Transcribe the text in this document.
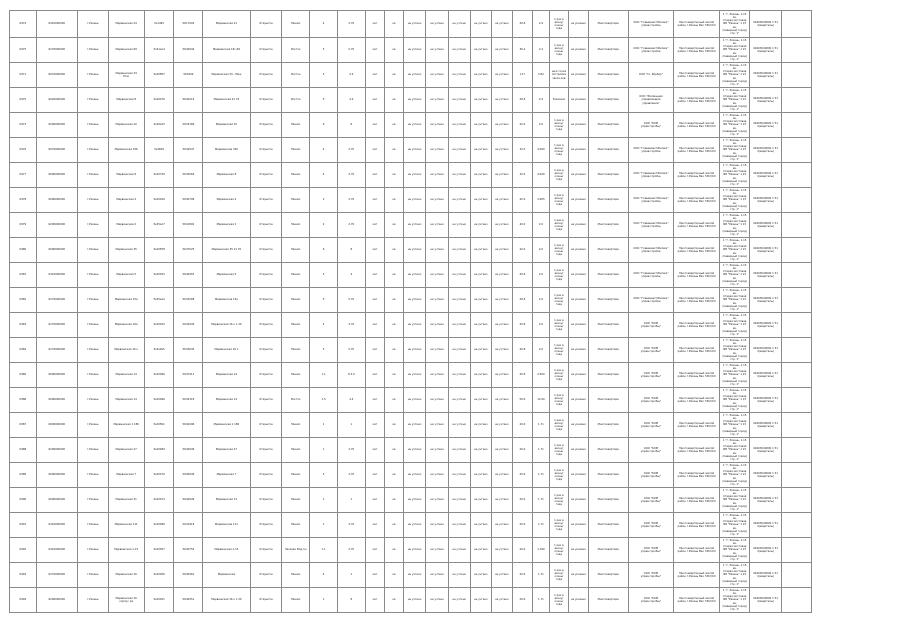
0974	6410000000	г.Рязань	Мервишская 24	Зк1465	5К17002	Мервишская 21	Открытое	Мнемо	4	2.70	кат	кв	не учтено	не учтено	не учтено	не учтено	не учтено	40.8	2.9	1 раз в
весну/осень/
года	не указано	Многоквартирн	ООО "ГлавинвестЖилаж"
управ.горобщ	Многоквартирный жилой
район г.Рязань Вах ГЖХ/СО	1 "г. Рязань, 1-15 кв.
Старая мостовая
NB "Рязань" 1 15 кв.
(Северный город)
стр. 1"	40403040000 1 51
4(кварталы)	
0975	6270000000	г.Рязань	Мервишская 69	Зк41ev4	5К40944	Мервишская 16г-69	Открытое	Восток	5	5.70	кат	кв	не учтено	не учтено	не учтено	не учтено	не учтено	36.4	2.4	1 раз в
весну/осень/
года	не указано	Многоквартирн	ООО "ГлавинвестЖилаж"
управ.горобщ	Многоквартирный жилой
район г.Рязань Вах ГЖХ/СО	1 "г. Рязань, 1-15 кв.
Старая мостовая
NB "Рязань" 1 15 кв.
(Северный город)
стр. 1"	40403040000 1 51
4(кварталы)	
0971	6070000000	г.Рязань	Мервишская 34
бтас	Зк40857	5К4209	Мервишская 34 - Меж	Открытое	Восток	5	4.4	кат	кв	не учтено	не учтено	не учтено	не учтено	не учтено	117	3.82	ниж.точка
постройка
заказ.лов	не указано	Многоквартирн	ООО "Гк. Ворбор"	Многоквартирный жилой
район г.Рязань Вах ГЖХ/СО	1 "г. Рязань, 1-15 кв.
Старая мостовая
NB "Рязань" 1 15 кв.
(Северный город)
стр. 1"	40403040000 1 51
4(кварталы)	
0975	6020000000	г.Рязань	Мервишская 8	Зк46476	5К42219	Мервишская 21 33	Открытое	Восток	5	4.4	кат	кв	не учтено	не учтено	не учтено	не учтено	не учтено	40.8	2.9	Заказано	не указано	Многоквартирн	ООО "Жилищная
управляющая
управление"	Многоквартирный жилой
район г.Рязань Вах ГЖХ/СО	1 "г. Рязань, 1-15 кв.
Старая мостовая
NB "Рязань" 1 15 кв.
(Северный город)
стр. 1"	40403040000 1 51
4(кварталы)	
0973	6290000000	г.Рязань	Мервишская 22	Зк40s43	5К43166	Мервишская 32	Открытое	Мнемо	6	8	кат	кв	не учтено	не учтено	не учтено	не учтено	не учтено	42.0	2.6	1 раз в
весну/осень/
года	не указано	Многоквартирн	ООО "КОМ
управ.горобщ"	Многоквартирный жилой
район г.Рязань Вах ГЖХ/СО	1 "г. Рязань, 1-15 кв.
Старая мостовая
NB "Рязань" 1 15 кв.
(Северный город)
стр. 1"	40403040000 1 51
4(кварталы)	
0976	6070000000	г.Рязань	Мервишская 326	Зк4609	5К42947	Мервишская 326	Открытое	Мнемо	4	2.70	кат	кв	не учтено	не учтено	не учтено	не учтено	не учтено	32.0	4.000	1 раз в
весну/осень/
года	не указано	Многоквартирн	ООО "ГлавинвестЖилаж"
управ.горобщ	Многоквартирный жилой
район г.Рязань Вах ГЖХ/СО	1 "г. Рязань, 1-15 кв.
Старая мостовая
NB "Рязань" 1 15 кв.
(Северный город)
стр. 1"	40403040000 1 51
4(кварталы)	
0977	6090000000	г.Рязань	Мервишская 8	Зк40720	5К43064	Мервишская 8	Открытое	Мнемо	4	2.70	кат	кв	не учтено	не учтено	не учтено	не учтено	не учтено	32.0	4.000	1 раз в
весну/осень/
года	не указано	Многоквартирн	ООО "ГлавинвестЖилаж"
управ.горобщ	Многоквартирный жилой
район г.Рязань Вах ГЖХ/СО	1 "г. Рязань, 1-15 кв.
Старая мостовая
NB "Рязань" 1 15 кв.
(Северный город)
стр. 1"	40403040000 1 51
4(кварталы)	
0978	6090000000	г.Рязань	Мервишская 4	Зк40449	5К40708	Мервишская 4	Открытое	Мнемо	2	2.70	кат	кв	не учтено	не учтено	не учтено	не учтено	не учтено	42.0	2.965	1 раз в
весну/осень/
года	не указано	Многоквартирн	ООО "ГлавинвестЖилаж"
управ.горобщ	Многоквартирный жилой
район г.Рязань Вах ГЖХ/СО	1 "г. Рязань, 1-15 кв.
Старая мостовая
NB "Рязань" 1 15 кв.
(Северный город)
стр. 1"	40403040000 1 51
4(кварталы)	
0979	6290000000	г.Рязань	Мервишская 2	Зк45e17	5К41802	Мервишская 2	Открытое	Мнемо	2	2.70	кат	кв	не учтено	не учтено	не учтено	не учтено	не учтено	40.0	2.6	1 раз в
весну/осень/
года	не указано	Многоквартирн	ООО "ГлавинвестЖилаж"
управ.горобщ	Многоквартирный жилой
район г.Рязань Вах ГЖХ/СО	1 "г. Рязань, 1-15 кв.
Старая мостовая
NB "Рязань" 1 15 кв.
(Северный город)
стр. 1"	40403040000 1 51
4(кварталы)	
0980	6090000000	г.Рязань	Мервишская 35	Зк40878	5К47025	Мервишская 35 21 70	Открытое	Мнемо	6	8	кат	кв	не учтено	не учтено	не учтено	не учтено	не учтено	42.0	2.6	1 раз в
весну/осень/
года	не указано	Многоквартирн	ООО "ГлавинвестЖилаж"
управ.горобщ	Многоквартирный жилой
район г.Рязань Вах ГЖХ/СО	1 "г. Рязань, 1-15 кв.
Старая мостовая
NB "Рязань" 1 15 кв.
(Северный город)
стр. 1"	40403040000 1 51
4(кварталы)	
0981	6410000000	г.Рязань	Мервишская 5	Зк40453	5К40453	Мервишская 5	Открытое	Мнемо	5	4	кат	кв	не учтено	не учтено	не учтено	не учтено	не учтено	40.8	2.6	1 раз в
весну/осень/
года	не указано	Многоквартирн	ООО "ГлавинвестЖилаж"
управ.горобщ	Многоквартирный жилой
район г.Рязань Вах ГЖХ/СО	1 "г. Рязань, 1-15 кв.
Старая мостовая
NB "Рязань" 1 15 кв.
(Северный город)
стр. 1"	40403040000 1 51
4(кварталы)	
0982	6270000000	г.Рязань	Мервишская 15а	Зк45e1a	5К43268	Мервишская 15а	Открытое	Мнемо	5	5.70	кат	кв	не учтено	не учтено	не учтено	не учтено	не учтено	40.8	2.6	1 раз в
весну/осень/
года	не указано	Многоквартирн	ООО "ГлавинвестЖилаж"
управ.горобщ	Многоквартирный жилой
район г.Рязань Вах ГЖХ/СО	1 "г. Рязань, 1-15 кв.
Старая мостовая
NB "Рязань" 1 15 кв.
(Северный город)
стр. 1"	40403040000 1 51
4(кварталы)	
0983	6270000000	г.Рязань	Мервишская 16а	Зк40443	5К42943	Мервишская 16 к 1 20	Открытое	Мнемо	4	4.70	кат	кв	не учтено	не учтено	не учтено	не учтено	не учтено	40.8	2.6	1 раз в
весну/осень/
года	не указано	Многоквартирн	ООО "КОМ
управ.горобщ"	Многоквартирный жилой
район г.Рязань Вах ГЖХ/СО	1 "г. Рязань, 1-15 кв.
Старая мостовая
NB "Рязань" 1 15 кв.
(Северный город)
стр. 1"	40403040000 1 51
4(кварталы)	
0984	6270000000	г.Рязань	Мервишская 16 к	Зк4s0e5	5К43045	Мервишская 16 к	Открытое	Мнемо	5	5.70	кат	кв	не учтено	не учтено	не учтено	не учтено	не учтено	40.8	2.6	1 раз в
весну/осень/
года	не указано	Многоквартирн	ООО "КОМ
управ.горобщ"	Многоквартирный жилой
район г.Рязань Вах ГЖХ/СО	1 "г. Рязань, 1-15 кв.
Старая мостовая
NB "Рязань" 1 15 кв.
(Северный город)
стр. 1"	40403040000 1 51
4(кварталы)	
0985	6090000000	г.Рязань	Мервишская 14	Зк40496	5К47411	Мервишская 14	Открытое	Мнемо	1.1	8.3.0	кат	кв	не учтено	не учтено	не учтено	не учтено	не учтено	40.8	2.900	1 раз в
весну/осень/
года	не указано	Многоквартирн	ООО "КОМ
управ.горобщ"	Многоквартирный жилой
район г.Рязань Вах ГЖХ/СО	1 "г. Рязань, 1-15 кв.
Старая мостовая
NB "Рязань" 1 15 кв.
(Северный город)
стр. 1"	40403040000 1 51
4(кварталы)	
0986	6090000000	г.Рязань	Мервишская 14	Зк40496	5К42318	Мервишская 14	Открытое	Восток	1.5	4.4	кат	кв	не учтено	не учтено	не учтено	не учтено	не учтено	50.0	12.60	1 раз в
весну/осень/
года	не указано	Многоквартирн	ООО "КОМ
управ.горобщ"	Многоквартирный жилой
район г.Рязань Вах ГЖХ/СО	1 "г. Рязань, 1-15 кв.
Старая мостовая
NB "Рязань" 1 15 кв.
(Северный город)
стр. 1"	40403040000 1 51
4(кварталы)	
0987	6090000000	г.Рязань	Мервишская 1 186	Зк40561	5К40496	Мервишская 1 186	Открытое	Мнемо	1	1	кат	кв	не учтено	не учтено	не учтено	не учтено	не учтено	20.0	1.71	1 раз в
весну/осень/
года	не указано	Многоквартирн	ООО "КОМ
управ.горобщ"	Многоквартирный жилой
район г.Рязань Вах ГЖХ/СО	1 "г. Рязань, 1-15 кв.
Старая мостовая
NB "Рязань" 1 15 кв.
(Северный город)
стр. 1"	40403040000 1 51
4(кварталы)	
0988	6290000000	г.Рязань	Мервишская 27	Зк40484	5К40949	Мервишская 27	Открытое	Мнемо	1	2.70	кат	кв	не учтено	не учтено	не учтено	не учтено	не учтено	20.0	1.71	1 раз в
весну/осень/
года	не указано	Многоквартирн	ООО "КОМ
управ.горобщ"	Многоквартирный жилой
район г.Рязань Вах ГЖХ/СО	1 "г. Рязань, 1-15 кв.
Старая мостовая
NB "Рязань" 1 15 кв.
(Северный город)
стр. 1"	40403040000 1 51
4(кварталы)	
0989	6090000000	г.Рязань	Мервишская 7	Зк40470	5К40949	Мервишская 7	Открытое	Мнемо	5	2.70	кат	кв	не учтено	не учтено	не учтено	не учтено	не учтено	20.0	1.71	1 раз в
весну/осень/
года	не указано	Многоквартирн	ООО "КОМ
управ.горобщ"	Многоквартирный жилой
район г.Рязань Вах ГЖХ/СО	1 "г. Рязань, 1-15 кв.
Старая мостовая
NB "Рязань" 1 15 кв.
(Северный город)
стр. 1"	40403040000 1 51
4(кварталы)	
0990	6090000000	г.Рязань	Мервишская 31	Зк40413	5К40949	Мервишская 31	Открытое	Мнемо	1	1	кат	кв	не учтено	не учтено	не учтено	не учтено	не учтено	20.0	1.71	1 раз в
весну/осень/
года	не указано	Многоквартирн	ООО "КОМ
управ.горобщ"	Многоквартирный жилой
район г.Рязань Вах ГЖХ/СО	1 "г. Рязань, 1-15 кв.
Старая мостовая
NB "Рязань" 1 15 кв.
(Северный город)
стр. 1"	40403040000 1 51
4(кварталы)	
0991	6410000000	г.Рязань	Мервишская 111	Зк40480	5К41918	Мервишская 111	Открытое	Мнемо	1	2.70	кат	кв	не учтено	не учтено	не учтено	не учтено	не учтено	20.0	1.71	1 раз в
весну/осень/
года	не указано	Многоквартирн	ООО "КОМ
управ.горобщ"	Многоквартирный жилой
район г.Рязань Вах ГЖХ/СО	1 "г. Рязань, 1-15 кв.
Старая мостовая
NB "Рязань" 1 15 кв.
(Северный город)
стр. 1"	40403040000 1 51
4(кварталы)	
0992	6410000000	г.Рязань	Мервишская 1-15	Зк40457	5К40752	Мервишская 1-15	Открытое	Заказан Вод-ты	1.1	2.70	кат	кв	не учтено	не учтено	не учтено	не учтено	не учтено	20.0	1.160	1 раз в
весну/осень/
года	не указано	Многоквартирн	ООО "КОМ
управ.горобщ"	Многоквартирный жилой
район г.Рязань Вах ГЖХ/СО	1 "г. Рязань, 1-15 кв.
Старая мостовая
NB "Рязань" 1 15 кв.
(Северный город)
стр. 1"	40403040000 1 51
4(кварталы)	
0993	6270000000	г.Рязань	Мервишская 16	Зк40456	5К40461	Мервишская	Открытое	Мнемо	4	1	кат	кв	не учтено	не учтено	не учтено	не учтено	не учтено	20.0	1.71	1 раз в
весну/осень/
года	не указано	Многоквартирн	ООО "КОМ
управ.горобщ"	Многоквартирный жилой
район г.Рязань Вах ГЖХ/СО	1 "г. Рязань, 1-15 кв.
Старая мостовая
NB "Рязань" 1 15 кв.
(Северный город)
стр. 1"	40403040000 1 51
4(кварталы)	
0994	6290000000	г.Рязань	Мервишская 16
корпус 1д	Зк40451	5К40451	Мервишская 16 к 1 20	Открытое	Мнемо	1	8	кат	кв	не учтено	не учтено	не учтено	не учтено	не учтено	20.0	1.71	1 раз в
весну/осень/
года	не указано	Многоквартирн	ООО "КОМ
управ.горобщ"	Многоквартирный жилой
район г.Рязань Вах ГЖХ/СО	1 "г. Рязань, 1-15 кв.
Старая мостовая
NB "Рязань" 1 15 кв.
(Северный город)
стр. 1"	40403040000 1 51
4(кварталы)	
